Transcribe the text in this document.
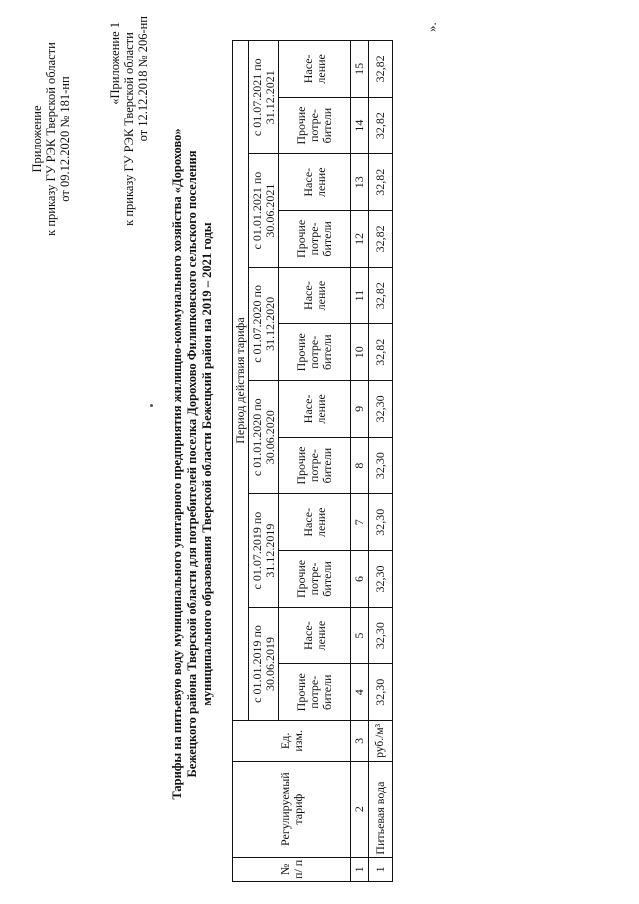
Приложение к приказу ГУ РЭК Тверской области от 09.12.2020 № 181-нп
«Приложение 1 к приказу ГУ РЭК Тверской области от 12.12.2018 № 206-нп
Тарифы на питьевую воду муниципального унитарного предприятия жилищно-коммунального хозяйства «Дорохово» Бежецкого района Тверской области для потребителей поселка Дорохово Филипковского сельского поселения муниципального образования Тверской области Бежецкий район на 2019 – 2021 годы
№ п/ п	Регулируемый тариф	Ед. изм.	Период действия тарифа											
			с 01.01.2019 по 30.06.2019		с 01.07.2019 по 31.12.2019		с 01.01.2020 по 30.06.2020		с 01.07.2020 по 31.12.2020		с 01.01.2021 по 30.06.2021		с 01.07.2021 по 31.12.2021	
			Прочие потре-бители	Насе-ление	Прочие потре-бители	Насе-ление	Прочие потре-бители	Насе-ление	Прочие потре-бители	Насе-ление	Прочие потре-бители	Насе-ление	Прочие потре-бители	Насе-ление
1	2	3	4	5	6	7	8	9	10	11	12	13	14	15
1	Питьевая вода	руб./м³	32,30	32,30	32,30	32,30	32,30	32,30	32,82	32,82	32,82	32,82	32,82	32,82
».
